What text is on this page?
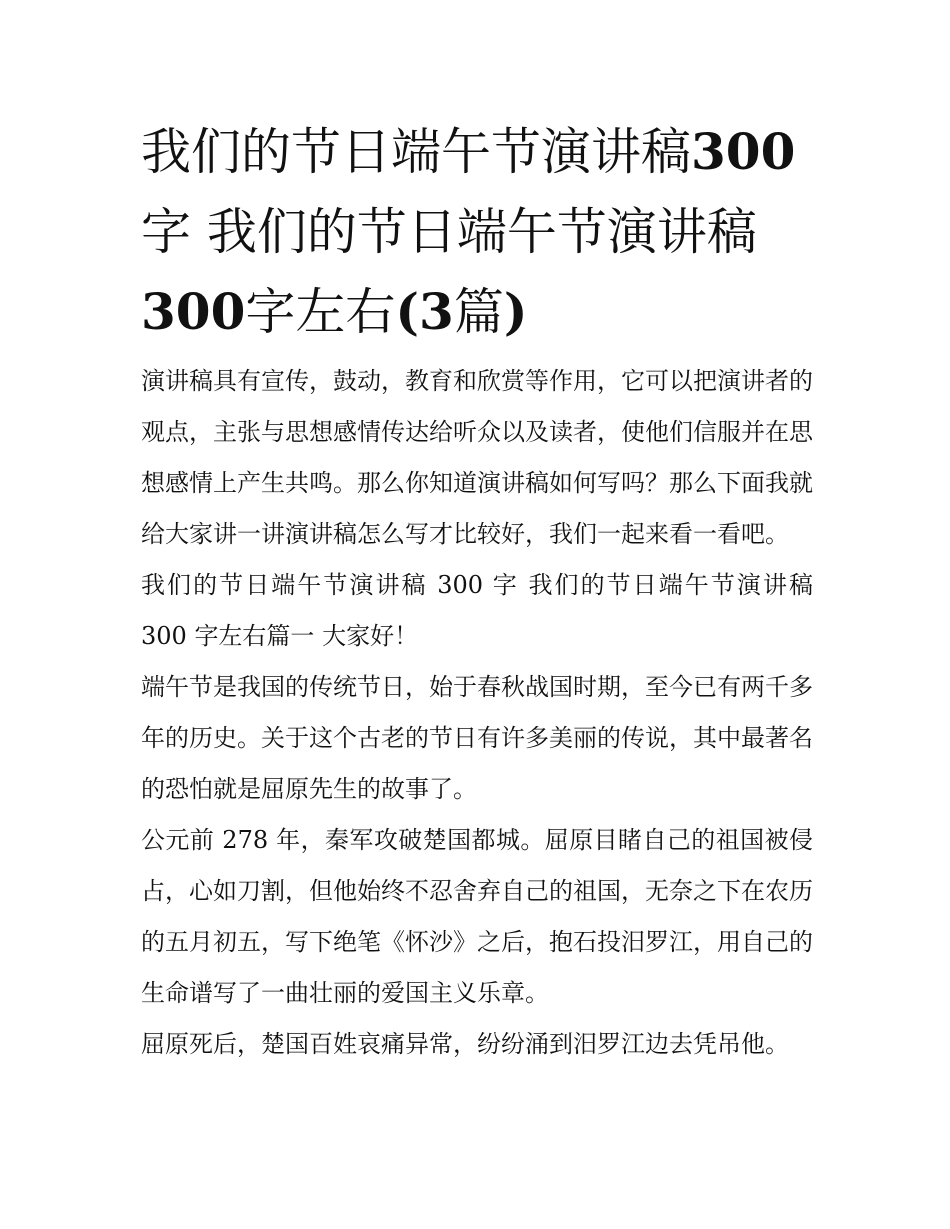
我们的节日端午节演讲稿300
字 我们的节日端午节演讲稿
300字左右(3篇)

演讲稿具有宣传，鼓动，教育和欣赏等作用，它可以把演讲者的观点，主张与思想感情传达给听众以及读者，使他们信服并在思想感情上产生共鸣。那么你知道演讲稿如何写吗？那么下面我就给大家讲一讲演讲稿怎么写才比较好，我们一起来看一看吧。

我们的节日端午节演讲稿 300 字 我们的节日端午节演讲稿 300 字左右篇一 大家好！

端午节是我国的传统节日，始于春秋战国时期，至今已有两千多年的历史。关于这个古老的节日有许多美丽的传说，其中最著名的恐怕就是屈原先生的故事了。

公元前 278 年，秦军攻破楚国都城。屈原目睹自己的祖国被侵占，心如刀割，但他始终不忍舍弃自己的祖国，无奈之下在农历的五月初五，写下绝笔《怀沙》之后，抱石投汨罗江，用自己的生命谱写了一曲壮丽的爱国主义乐章。

屈原死后，楚国百姓哀痛异常，纷纷涌到汨罗江边去凭吊他。
